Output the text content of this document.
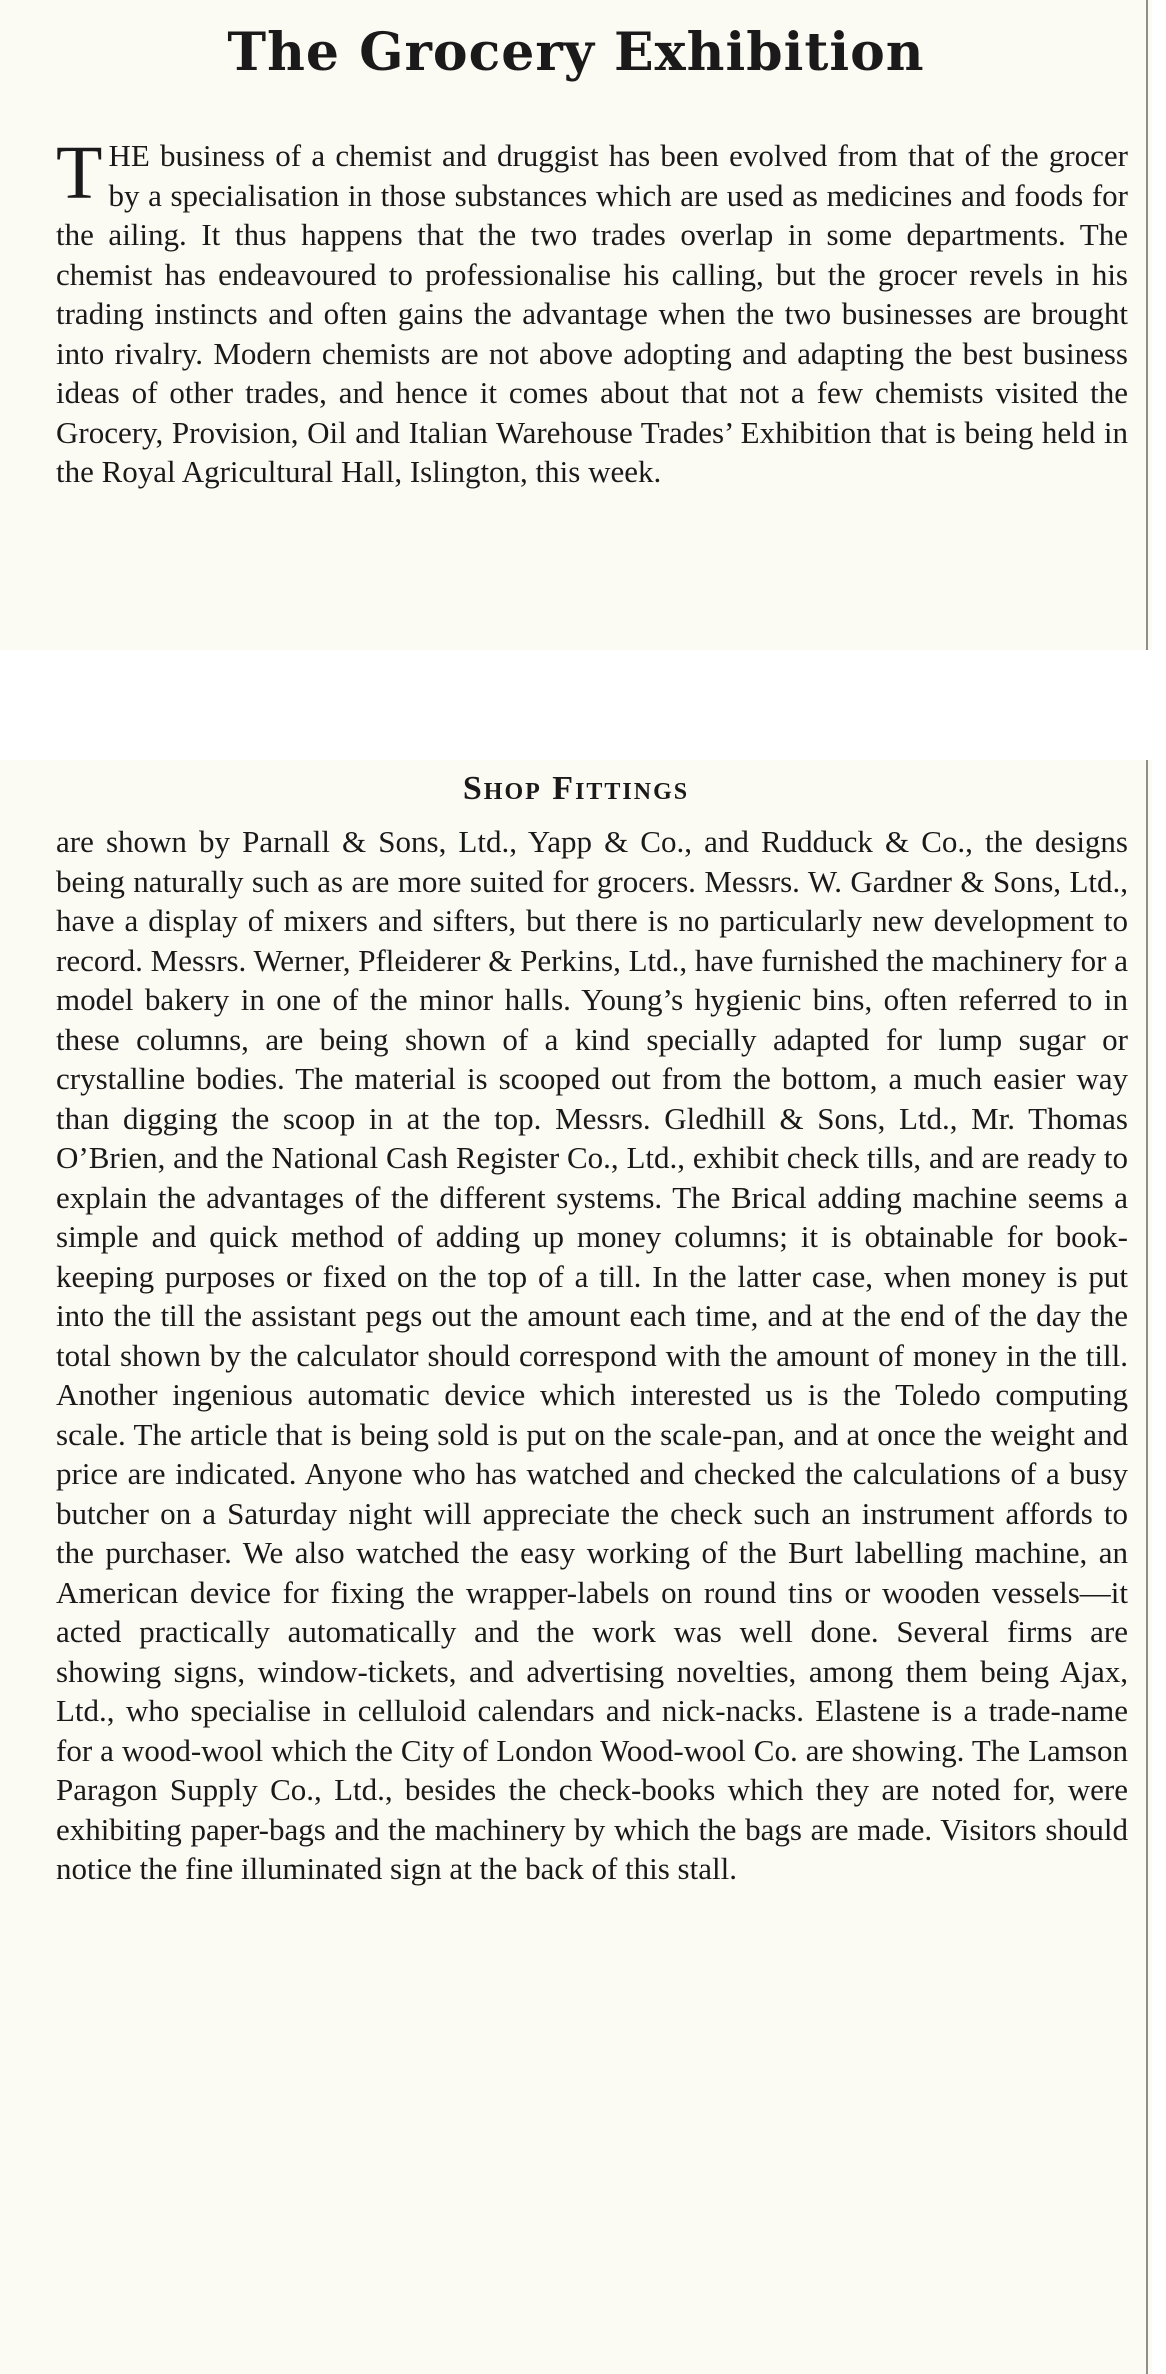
The Grocery Exhibition

THE business of a chemist and druggist has been evolved from that of the grocer by a specialisation in those substances which are used as medicines and foods for the ailing. It thus happens that the two trades overlap in some departments. The chemist has endeavoured to professionalise his calling, but the grocer revels in his trading instincts and often gains the advantage when the two businesses are brought into rivalry. Modern chemists are not above adopting and adapting the best business ideas of other trades, and hence it comes about that not a few chemists visited the Grocery, Provision, Oil and Italian Warehouse Trades’ Exhibition that is being held in the Royal Agricultural Hall, Islington, this week.

Shop Fittings

are shown by Parnall & Sons, Ltd., Yapp & Co., and Rudduck & Co., the designs being naturally such as are more suited for grocers. Messrs. W. Gardner & Sons, Ltd., have a display of mixers and sifters, but there is no particularly new development to record. Messrs. Werner, Pfleiderer & Perkins, Ltd., have furnished the machinery for a model bakery in one of the minor halls. Young’s hygienic bins, often referred to in these columns, are being shown of a kind specially adapted for lump sugar or crystalline bodies. The material is scooped out from the bottom, a much easier way than digging the scoop in at the top. Messrs. Gledhill & Sons, Ltd., Mr. Thomas O’Brien, and the National Cash Register Co., Ltd., exhibit check tills, and are ready to explain the advantages of the different systems. The Brical adding machine seems a simple and quick method of adding up money columns; it is obtainable for book-keeping purposes or fixed on the top of a till. In the latter case, when money is put into the till the assistant pegs out the amount each time, and at the end of the day the total shown by the calculator should correspond with the amount of money in the till. Another ingenious automatic device which interested us is the Toledo computing scale. The article that is being sold is put on the scale-pan, and at once the weight and price are indicated. Anyone who has watched and checked the calculations of a busy butcher on a Saturday night will appreciate the check such an instrument affords to the purchaser. We also watched the easy working of the Burt labelling machine, an American device for fixing the wrapper-labels on round tins or wooden vessels—it acted practically automatically and the work was well done. Several firms are showing signs, window-tickets, and advertising novelties, among them being Ajax, Ltd., who specialise in celluloid calendars and nick-nacks. Elastene is a trade-name for a wood-wool which the City of London Wood-wool Co. are showing. The Lamson Paragon Supply Co., Ltd., besides the check-books which they are noted for, were exhibiting paper-bags and the machinery by which the bags are made. Visitors should notice the fine illuminated sign at the back of this stall.
